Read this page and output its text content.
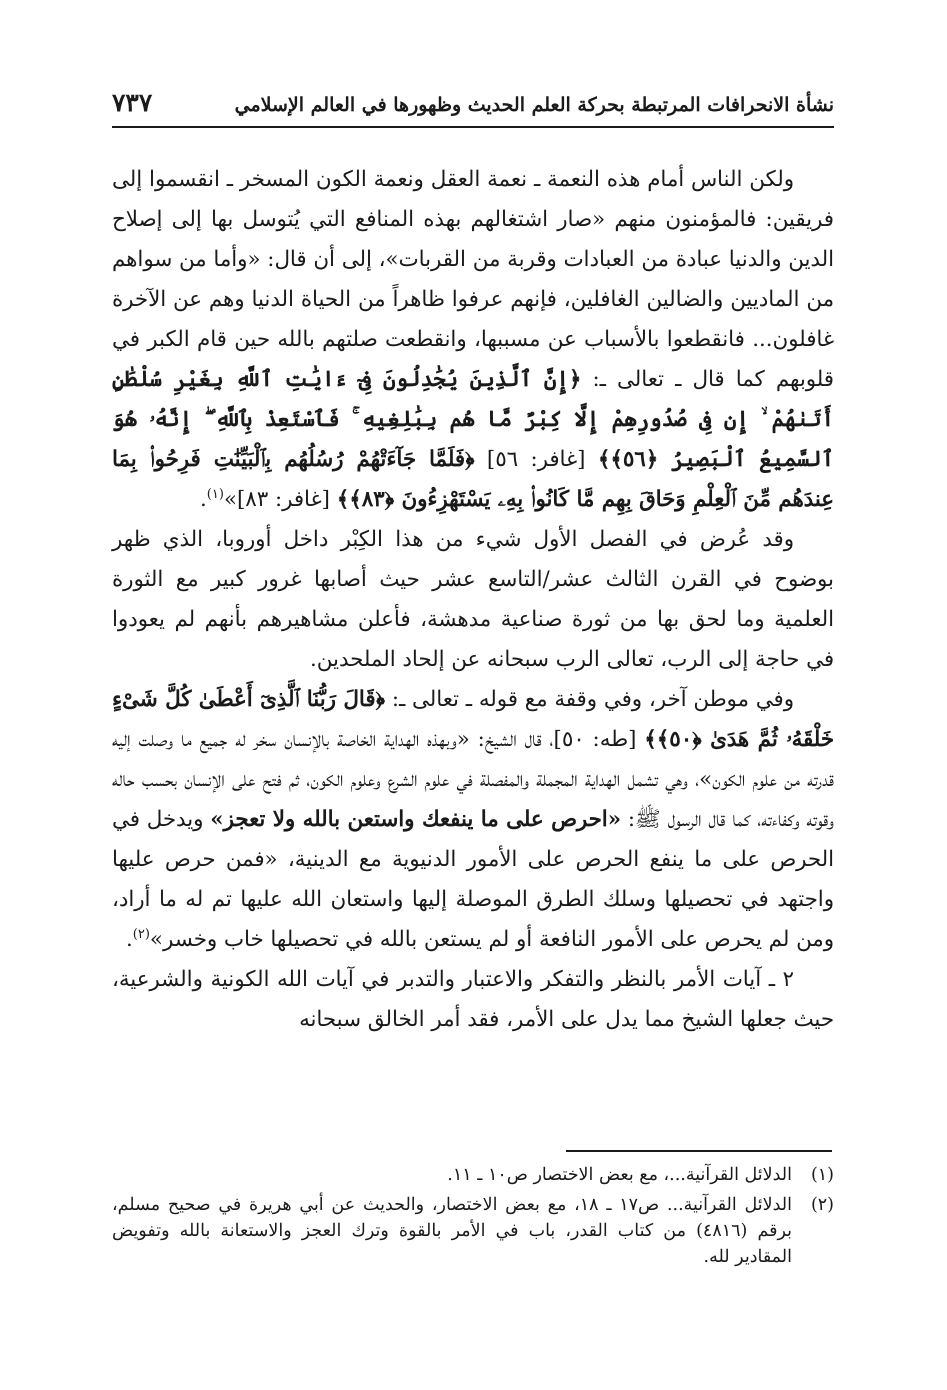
نشأة الانحرافات المرتبطة بحركة العلم الحديث وظهورها في العالم الإسلامي
٧٣٧

ولكن الناس أمام هذه النعمة ـ نعمة العقل ونعمة الكون المسخر ـ انقسموا إلى فريقين: فالمؤمنون منهم «صار اشتغالهم بهذه المنافع التي يُتوسل بها إلى إصلاح الدين والدنيا عبادة من العبادات وقربة من القربات»، إلى أن قال: «وأما من سواهم من الماديين والضالين الغافلين، فإنهم عرفوا ظاهراً من الحياة الدنيا وهم عن الآخرة غافلون... فانقطعوا بالأسباب عن مسببها، وانقطعت صلتهم بالله حين قام الكبر في قلوبهم كما قال ـ تعالى ـ: ﴿إِنَّ ٱلَّذِينَ يُجَٰدِلُونَ فِىٓ ءَايَٰتِ ٱللَّهِ بِغَيْرِ سُلْطَٰنٍ أَتَىٰهُمْ ۙ إِن فِى صُدُورِهِمْ إِلَّا كِبْرٌ مَّا هُم بِبَٰلِغِيهِ ۚ فَٱسْتَعِذْ بِٱللَّهِ ۖ إِنَّهُۥ هُوَ ٱلسَّمِيعُ ٱلْبَصِيرُ ﴿٥٦﴾﴾ [غافر: ٥٦] ﴿فَلَمَّا جَآءَتْهُمْ رُسُلُهُم بِٱلْبَيِّنَٰتِ فَرِحُوا۟ بِمَا عِندَهُم مِّنَ ٱلْعِلْمِ وَحَاقَ بِهِم مَّا كَانُوا۟ بِهِۦ يَسْتَهْزِءُونَ ﴿٨٣﴾﴾ [غافر: ٨٣]»$^{(١)}$.

وقد عُرض في الفصل الأول شيء من هذا الكِبْر داخل أوروبا، الذي ظهر بوضوح في القرن الثالث عشر/التاسع عشر حيث أصابها غرور كبير مع الثورة العلمية وما لحق بها من ثورة صناعية مدهشة، فأعلن مشاهيرهم بأنهم لم يعودوا في حاجة إلى الرب، تعالى الرب سبحانه عن إلحاد الملحدين.

وفي موطن آخر، وفي وقفة مع قوله ـ تعالى ـ: ﴿قَالَ رَبُّنَا ٱلَّذِىٓ أَعْطَىٰ كُلَّ شَىْءٍ خَلْقَهُۥ ثُمَّ هَدَىٰ ﴿٥٠﴾﴾ [طه: ٥٠]، قال الشيخ: «وبهذه الهداية الخاصة بالإنسان سخر له جميع ما وصلت إليه قدرته من علوم الكون»، وهي تشمل الهداية المجملة والمفصلة في علوم الشرع وعلوم الكون، ثم فتح على الإنسان بحسب حاله وقوته وكفاءته، كما قال الرسول ﷺ: «احرص على ما ينفعك واستعن بالله ولا تعجز» ويدخل في الحرص على ما ينفع الحرص على الأمور الدنيوية مع الدينية، «فمن حرص عليها واجتهد في تحصيلها وسلك الطرق الموصلة إليها واستعان الله عليها تم له ما أراد، ومن لم يحرص على الأمور النافعة أو لم يستعن بالله في تحصيلها خاب وخسر»$^{(٢)}$.

٢ ـ آيات الأمر بالنظر والتفكر والاعتبار والتدبر في آيات الله الكونية والشرعية، حيث جعلها الشيخ مما يدل على الأمر، فقد أمر الخالق سبحانه

(١)
الدلائل القرآنية...، مع بعض الاختصار ص١٠ ـ ١١.
(٢)
الدلائل القرآنية... ص١٧ ـ ١٨، مع بعض الاختصار، والحديث عن أبي هريرة في صحيح مسلم، برقم (٤٨١٦) من كتاب القدر، باب في الأمر بالقوة وترك العجز والاستعانة بالله وتفويض المقادير لله.
